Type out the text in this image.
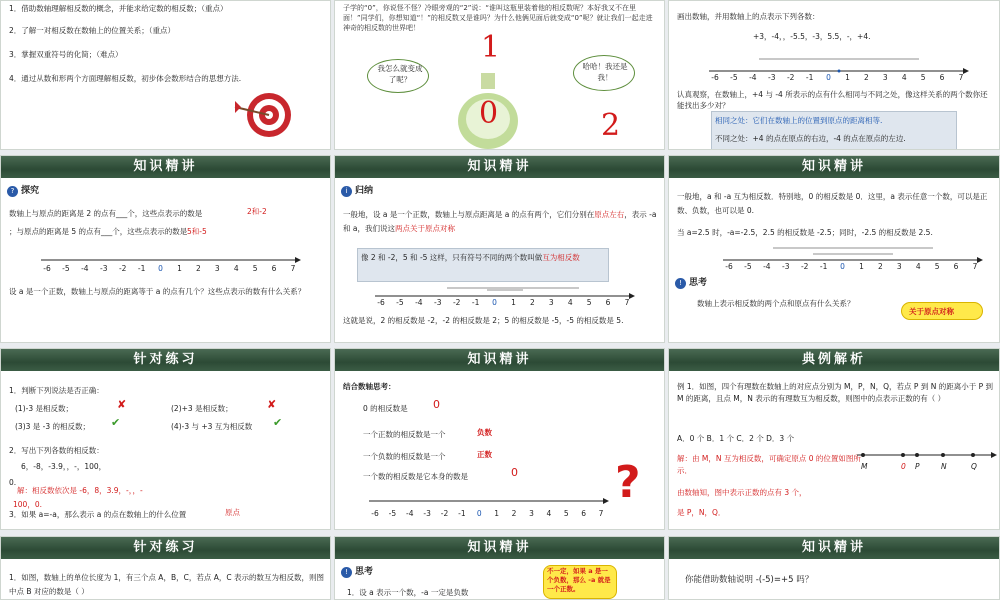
1．借助数轴理解相反数的概念，并能求给定数的相反数；（重点）
2．了解一对相反数在数轴上的位置关系；（重点）
3．掌握双重符号的化简；（难点）
4．通过从数和形两个方面理解相反数，初步体会数形结合的思想方法.
子学的“0”，你说怪不怪？冷眼旁观的“2”说：“谁叫这瓶里装着他的相反数呢？本好我又不在里面！”同学们，你想知道“！”的相反数又是谁吗？为什么他俩见面后就变成“0”呢？就让我们一起走进神奇的相反数的世界吧！
1
0	2
我怎么就变成了呢？
哈哈！我还是我！
画出数轴，并用数轴上的点表示下列各数：
+3，-4，，-5.5，-3，5.5，-，+4.
-6 -5 -4 -3 -2 -1 0 1 2 3 4 5 6 7
认真观察，在数轴上，+4 与 -4 所表示的点有什么相同与不同之处，像这样关系的两个数你还能找出多少对？
相同之处：它们在数轴上的位置到原点的距离相等.
不同之处：+4 的点在原点的右边，-4 的点在原点的左边.
知识精讲
? 探究
数轴上与原点的距离是 2 的点有___个，这些点表示的数是	2和-2
；与原点的距离是 5 的点有___个，这些点表示的数是 5和-5
-6 -5 -4 -3 -2 -1 0 1 2 3 4 5 6 7
设 a 是一个正数，数轴上与原点的距离等于 a 的点有几个？这些点表示的数有什么关系？
知识精讲
i 归纳
一般地，设 a 是一个正数，数轴上与原点距离是 a 的点有两个，它们分别在原点左右，表示 -a 和 a，我们说这两点关于原点对称
像 2 和 -2，5 和 -5 这样，只有符号不同的两个数叫做互为相反数
-6 -5 -4 -3 -2 -1 0 1 2 3 4 5 6 7
这就是说，2 的相反数是 -2，-2 的相反数是 2；5 的相反数是 -5，-5 的相反数是 5.
知识精讲
一般地，a 和 -a 互为相反数．特别地，0 的相反数是 0．这里，a 表示任意一个数，可以是正数、负数，也可以是 0.
当 a=2.5 时，-a=-2.5，2.5 的相反数是 -2.5；同时，-2.5 的相反数是 2.5.
-6 -5 -4 -3 -2 -1 0 1 2 3 4 5 6 7
! 思考
数轴上表示相反数的两个点和原点有什么关系？
关于原点对称
针对练习
1．判断下列说法是否正确：
(1)-3 是相反数；	✘	(2)+3 是相反数；	✘
(3)3 是 -3 的相反数； ✔	(4)-3 与 +3 互为相反数 ✔
2．写出下列各数的相反数：
6，-8，-3.9，，-，100，
0.
解：相反数依次是 -6，8，3.9，-，，-
100，0.
3．如果 a=-a，那么表示 a 的点在数轴上的什么位置	原点
知识精讲
结合数轴思考：
0 的相反数是 0
一个正数的相反数是一个	负数
一个负数的相反数是一个	正数
一个数的相反数是它本身的数是	0
-6 -5 -4 -3 -2 -1 0 1 2 3 4 5 6 7
?
典例解析
例 1．如图，四个有理数在数轴上的对应点分别为 M，P，N，Q，若点 P 到 N 的距离小于 P 到 M 的距离，且点 M，N 表示的有理数互为相反数，则图中的点表示正数的有（ ）
A．0 个 B．1 个 C．2 个 D．3 个
解：由 M，N 互为相反数，可确定原点 0 的位置如图所示．
由数轴知，图中表示正数的点有 3 个，
是 P，N，Q．
M	0 P	N	Q
针对练习
1．如图，数轴上的单位长度为 1，有三个点 A，B，C，若点 A，C 表示的数互为相反数，则图中点 B 对应的数是（ ）
知识精讲
! 思考
1．设 a 表示一个数，-a 一定是负数
不一定，如果 a 是一个负数，那么 -a 就是一个正数。
知识精讲
你能借助数轴说明 -(-5)=+5 吗？
